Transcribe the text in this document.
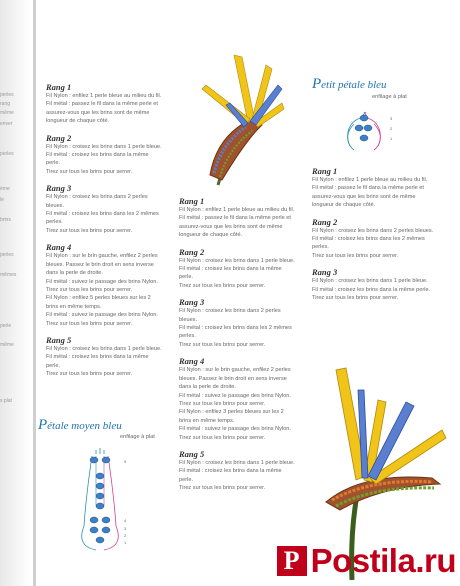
perles
rang
même
enver
perles
ème
le
brins
perles
mêmes
perle
même
s plat
Rang 1

Fil Nylon : enfilez 1 perle bleue au milieu du fil.

Fil métal : passez le fil dans la même perle et assurez-vous que les brins sont de même longueur de chaque côté.

Rang 2

Fil Nylon : croisez les brins dans 1 perle bleue.

Fil métal : croisez les brins dans la même perle.

Tirez sur tous les brins pour serrer.

Rang 3

Fil Nylon : croisez les brins dans 2 perles bleues.

Fil métal : croisez les brins dans les 2 mêmes perles.

Tirez sur tous les brins pour serrer.

Rang 4

Fil Nylon : sur le brin gauche, enfilez 2 perles bleues. Passez le brin droit en sens inverse dans la perle de droite.

Fil métal : suivez le passage des brins Nylon.

Tirez sur tous les brins pour serrer.

Fil Nylon : enfilez 5 perles bleues sur les 2 brins en même temps.

Fil métal : suivez le passage des brins Nylon.

Tirez sur tous les brins pour serrer.

Rang 5

Fil Nylon : croisez les brins dans 1 perle bleue.

Fil métal : croisez les brins dans la même perle.

Tirez sur tous les brins pour serrer.

Rang 1

Fil Nylon : enfilez 1 perle bleue au milieu du fil.

Fil métal : passez le fil dans la même perle et assurez-vous que les brins sont de même longueur de chaque côté.

Rang 2

Fil Nylon : croisez les brins dans 1 perle bleue.

Fil métal : croisez les brins dans la même perle.

Tirez sur tous les brins pour serrer.

Rang 3

Fil Nylon : croisez les brins dans 2 perles bleues.

Fil métal : croisez les brins dans les 2 mêmes perles.

Tirez sur tous les brins pour serrer.

Rang 4

Fil Nylon : sur le brin gauche, enfilez 2 perles bleues. Passez le brin droit en sens inverse dans la perle de droite.

Fil métal : suivez le passage des brins Nylon.

Tirez sur tous les brins pour serrer.

Fil Nylon : enfilez 3 perles bleues sur les 2 brins en même temps.

Fil métal : suivez le passage des brins Nylon.

Tirez sur tous les brins pour serrer.

Rang 5

Fil Nylon : croisez les brins dans 1 perle bleue.

Fil métal : croisez les brins dans la même perle.

Tirez sur tous les brins pour serrer.

Rang 1

Fil Nylon : enfilez 1 perle bleue au milieu du fil.

Fil métal : passez le fil dans la même perle et assurez-vous que les brins sont de même longueur de chaque côté.

Rang 2

Fil Nylon : croisez les brins dans 2 perles bleues.

Fil métal : croisez les brins dans les 2 mêmes perles.

Tirez sur tous les brins pour serrer.

Rang 3

Fil Nylon : croisez les brins dans 1 perle bleue.

Fil métal : croisez les brins dans la même perle.

Tirez sur tous les brins pour serrer.

Petit pétale bleu
enfilage à plat
3
2
1
Pétale moyen bleu
enfilage à plat
5
4
3
2
1
P Postila.ru
